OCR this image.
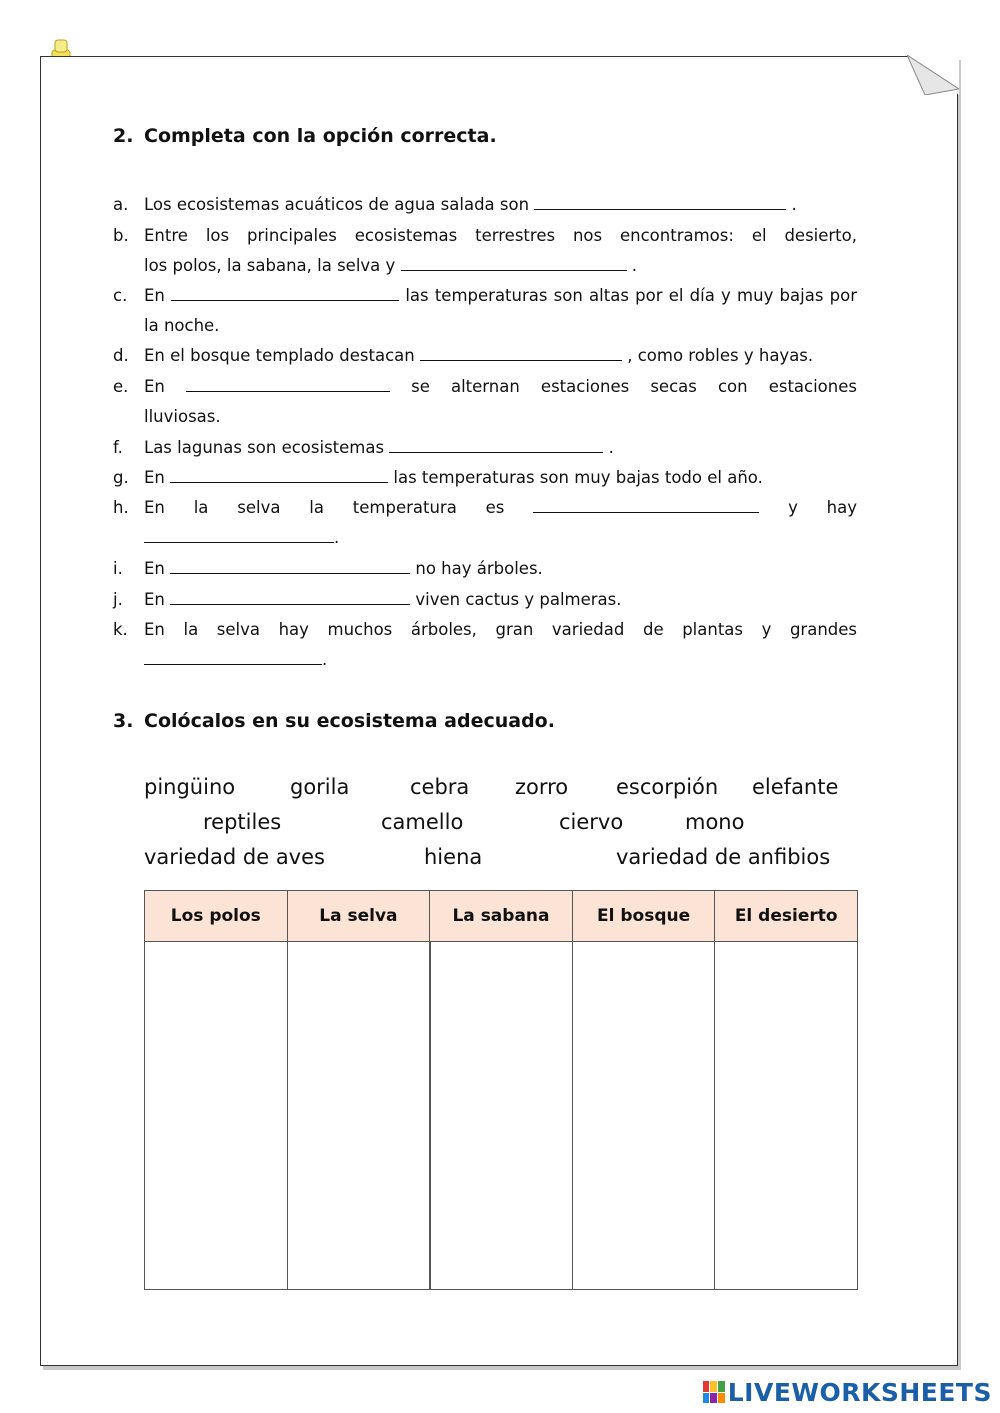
2. Completa con la opción correcta.
a. Los ecosistemas acuáticos de agua salada son	.
b. Entre los principales ecosistemas terrestres nos encontramos: el desierto,
los polos, la sabana, la selva y	.
c.	En	las temperaturas son altas por el día y muy bajas por la noche.
d. En el bosque templado destacan	, como robles y hayas.
e. En	se alternan estaciones secas con estaciones lluviosas.
f.	Las lagunas son ecosistemas	.
g. En	las temperaturas son muy bajas todo el año.
h. En la selva la temperatura es	y hay .
i.	En	no hay árboles.
j.	En	viven cactus y palmeras.
k. En la selva hay muchos árboles, gran variedad de plantas y grandes .
3. Colócalos en su ecosistema adecuado.
pingüino	gorila	cebra zorro escorpión elefante
reptiles	camello	ciervo	mono
variedad de aves	hiena	variedad de anfibios
Los polos	La selva	La sabana	El bosque	El desierto

LIVEWORKSHEETS
